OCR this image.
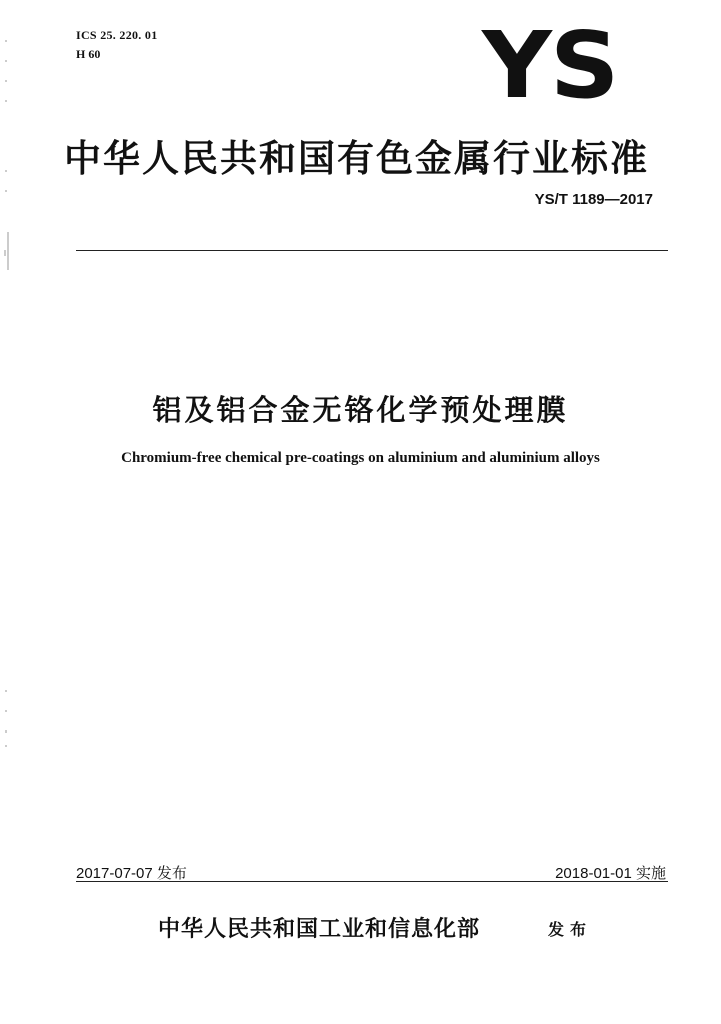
ICS 25. 220. 01
H 60	YS
中华人民共和国有色金属行业标准
YS/T 1189—2017
铝及铝合金无铬化学预处理膜
Chromium-free chemical pre-coatings on aluminium and aluminium alloys
2017-07-07 发布	2018-01-01 实施
中华人民共和国工业和信息化部	发布
